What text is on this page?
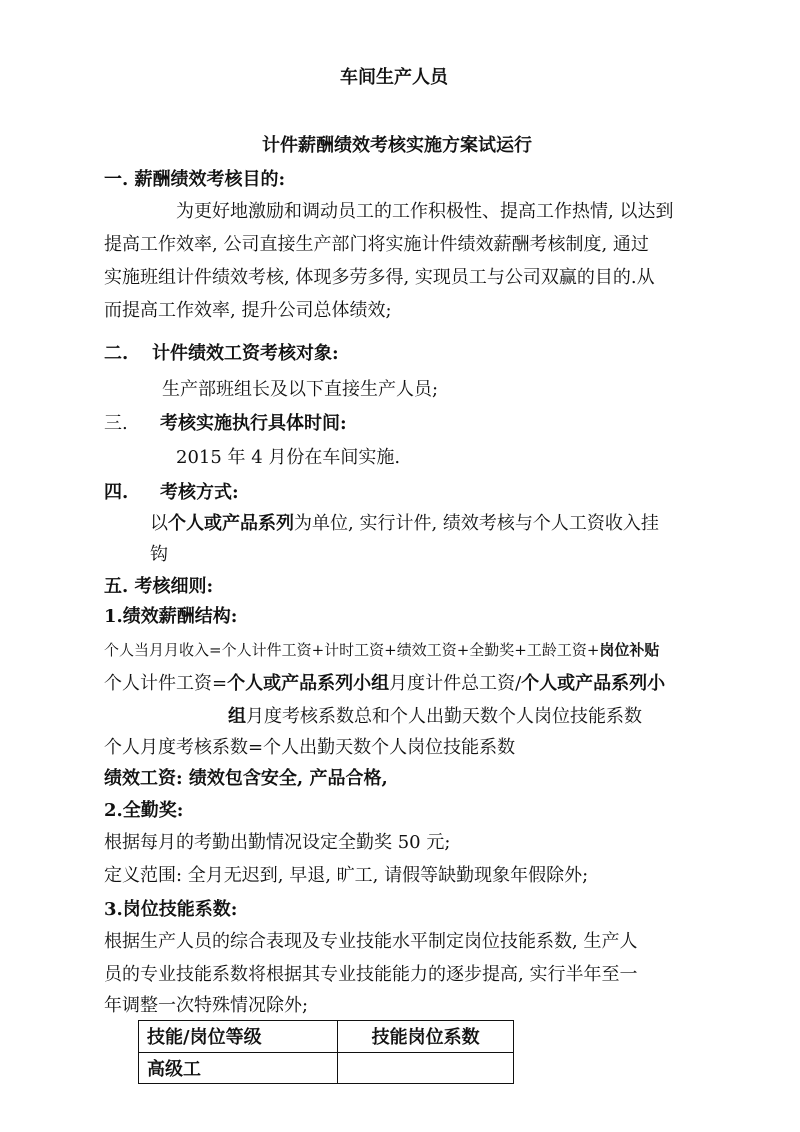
车间生产人员
计件薪酬绩效考核实施方案试运行
一. 薪酬绩效考核目的:
为更好地激励和调动员工的工作积极性、提高工作热情, 以达到
提高工作效率, 公司直接生产部门将实施计件绩效薪酬考核制度, 通过
实施班组计件绩效考核, 体现多劳多得, 实现员工与公司双赢的目的.从
而提高工作效率, 提升公司总体绩效;
二. 计件绩效工资考核对象:
生产部班组长及以下直接生产人员;
三. 考核实施执行具体时间:
2015 年 4 月份在车间实施.
四. 考核方式:
以个人或产品系列为单位, 实行计件, 绩效考核与个人工资收入挂
钩
五. 考核细则:
1.绩效薪酬结构:
个人当月月收入=个人计件工资+计时工资+绩效工资+全勤奖+工龄工资+岗位补贴
个人计件工资=个人或产品系列小组月度计件总工资/个人或产品系列小
组月度考核系数总和个人出勤天数个人岗位技能系数
个人月度考核系数=个人出勤天数个人岗位技能系数
绩效工资: 绩效包含安全, 产品合格,
2.全勤奖:
根据每月的考勤出勤情况设定全勤奖 50 元;
定义范围: 全月无迟到, 早退, 旷工, 请假等缺勤现象年假除外;
3.岗位技能系数:
根据生产人员的综合表现及专业技能水平制定岗位技能系数, 生产人
员的专业技能系数将根据其专业技能能力的逐步提高, 实行半年至一
年调整一次特殊情况除外;
技能/岗位等级	技能岗位系数
高级工	
